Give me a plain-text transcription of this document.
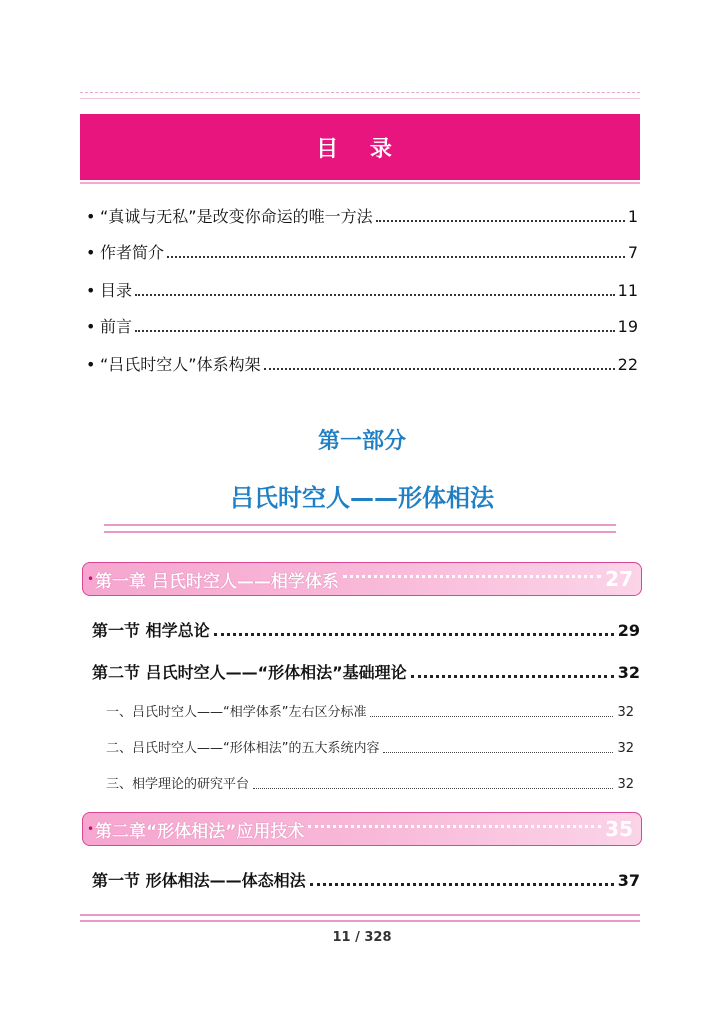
目 录
• “真诚与无私”是改变你命运的唯一方法	1
• 作者简介	7
• 目录	11
• 前言	19
• “吕氏时空人”体系构架	22
第一部分
吕氏时空人——形体相法
• 第一章 吕氏时空人——相学体系	27
第一节 相学总论	29
第二节 吕氏时空人——“形体相法”基础理论	32
一、吕氏时空人——“相学体系”左右区分标准	32
二、吕氏时空人——“形体相法”的五大系统内容	32
三、相学理论的研究平台	32
• 第二章“形体相法”应用技术	35
第一节 形体相法——体态相法	37
11 / 328
